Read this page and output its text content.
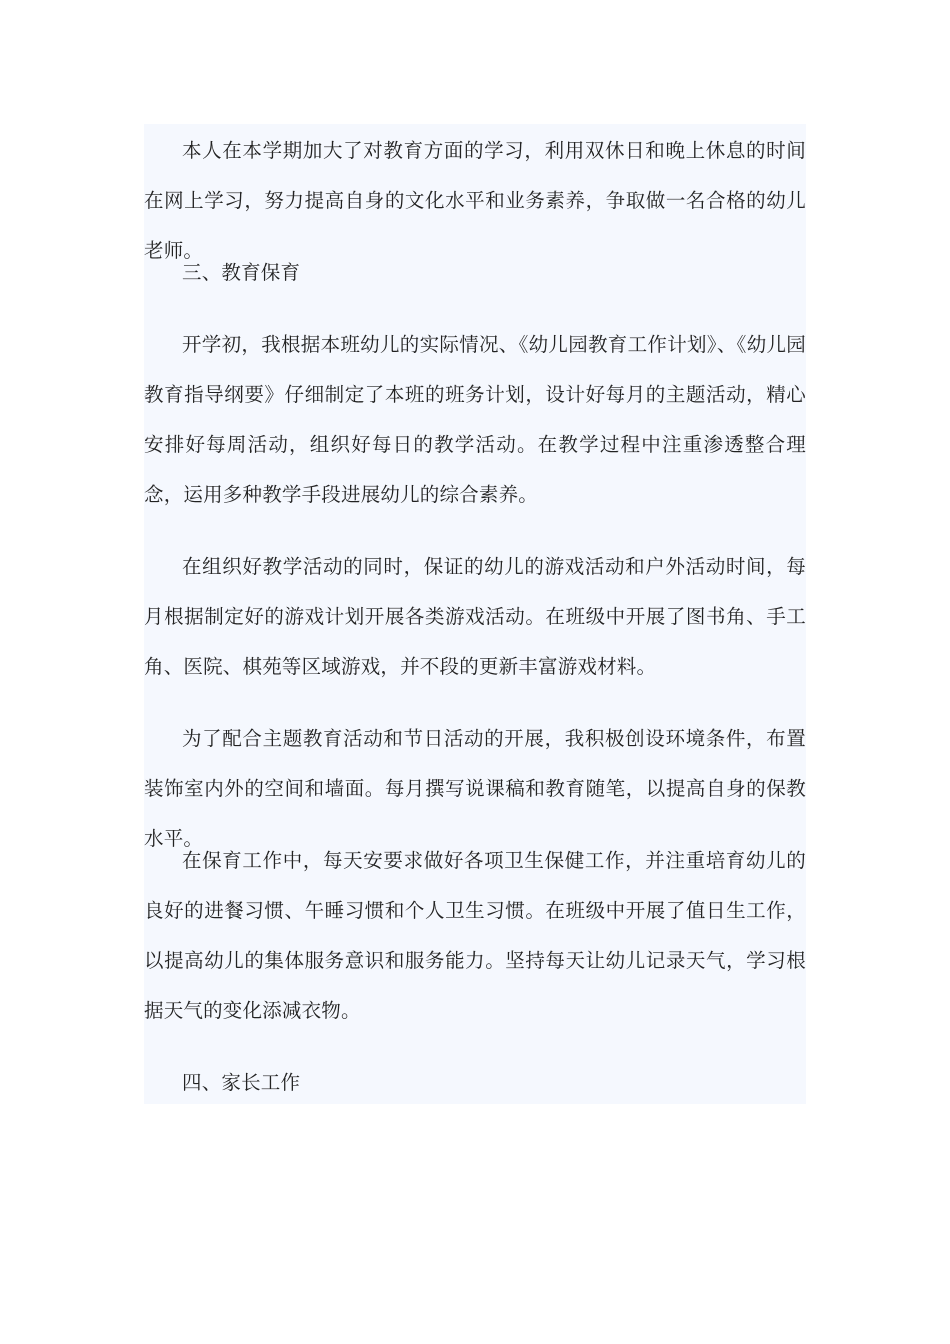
本人在本学期加大了对教育方面的学习，利用双休日和晚上休息的时间在网上学习，努力提高自身的文化水平和业务素养，争取做一名合格的幼儿老师。

三、教育保育

开学初，我根据本班幼儿的实际情况、《幼儿园教育工作计划》、《幼儿园教育指导纲要》仔细制定了本班的班务计划，设计好每月的主题活动，精心安排好每周活动，组织好每日的教学活动。在教学过程中注重渗透整合理念，运用多种教学手段进展幼儿的综合素养。

在组织好教学活动的同时，保证的幼儿的游戏活动和户外活动时间，每月根据制定好的游戏计划开展各类游戏活动。在班级中开展了图书角、手工角、医院、棋苑等区域游戏，并不段的更新丰富游戏材料。

为了配合主题教育活动和节日活动的开展，我积极创设环境条件，布置装饰室内外的空间和墙面。每月撰写说课稿和教育随笔，以提高自身的保教水平。

在保育工作中，每天安要求做好各项卫生保健工作，并注重培育幼儿的良好的进餐习惯、午睡习惯和个人卫生习惯。在班级中开展了值日生工作，以提高幼儿的集体服务意识和服务能力。坚持每天让幼儿记录天气，学习根据天气的变化添减衣物。

四、家长工作
